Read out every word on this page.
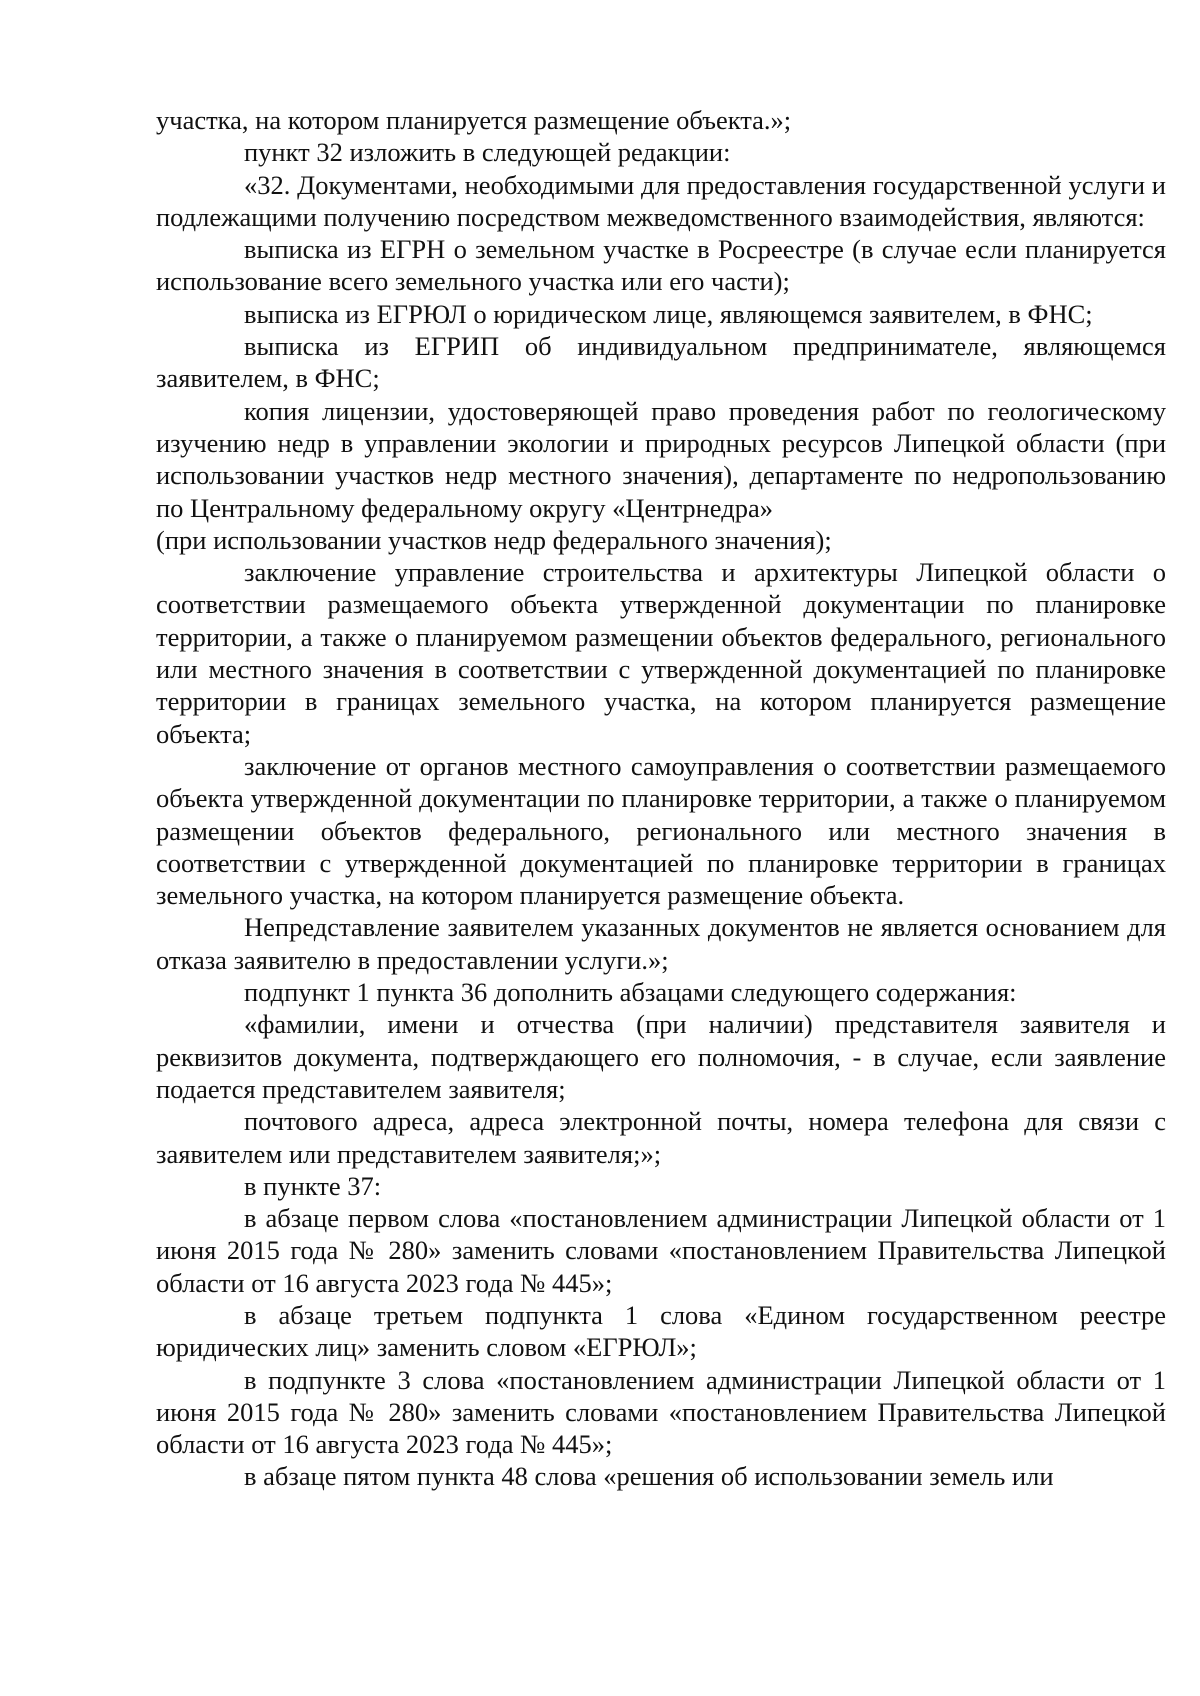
участка, на котором планируется размещение объекта.»;

пункт 32 изложить в следующей редакции:

«32. Документами, необходимыми для предоставления государственной услуги и подлежащими получению посредством межведомственного взаимодействия, являются:

выписка из ЕГРН о земельном участке в Росреестре (в случае если планируется использование всего земельного участка или его части);

выписка из ЕГРЮЛ о юридическом лице, являющемся заявителем, в ФНС;

выписка из ЕГРИП об индивидуальном предпринимателе, являющемся заявителем, в ФНС;

копия лицензии, удостоверяющей право проведения работ по геологическому изучению недр в управлении экологии и природных ресурсов Липецкой области (при использовании участков недр местного значения), департаменте по недропользованию по Центральному федеральному округу «Центрнедра»

(при использовании участков недр федерального значения);

заключение управление строительства и архитектуры Липецкой области о соответствии размещаемого объекта утвержденной документации по планировке территории, а также о планируемом размещении объектов федерального, регионального или местного значения в соответствии с утвержденной документацией по планировке территории в границах земельного участка, на котором планируется размещение объекта;

заключение от органов местного самоуправления о соответствии размещаемого объекта утвержденной документации по планировке территории, а также о планируемом размещении объектов федерального, регионального или местного значения в соответствии с утвержденной документацией по планировке территории в границах земельного участка, на котором планируется размещение объекта.

Непредставление заявителем указанных документов не является основанием для отказа заявителю в предоставлении услуги.»;

подпункт 1 пункта 36 дополнить абзацами следующего содержания:

«фамилии, имени и отчества (при наличии) представителя заявителя и реквизитов документа, подтверждающего его полномочия, - в случае, если заявление подается представителем заявителя;

почтового адреса, адреса электронной почты, номера телефона для связи с заявителем или представителем заявителя;»;

в пункте 37:

в абзаце первом слова «постановлением администрации Липецкой области от 1 июня 2015 года № 280» заменить словами «постановлением Правительства Липецкой области от 16 августа 2023 года № 445»;

в абзаце третьем подпункта 1 слова «Едином государственном реестре юридических лиц» заменить словом «ЕГРЮЛ»;

в подпункте 3 слова «постановлением администрации Липецкой области от 1 июня 2015 года № 280» заменить словами «постановлением Правительства Липецкой области от 16 августа 2023 года № 445»;

в абзаце пятом пункта 48 слова «решения об использовании земель или
